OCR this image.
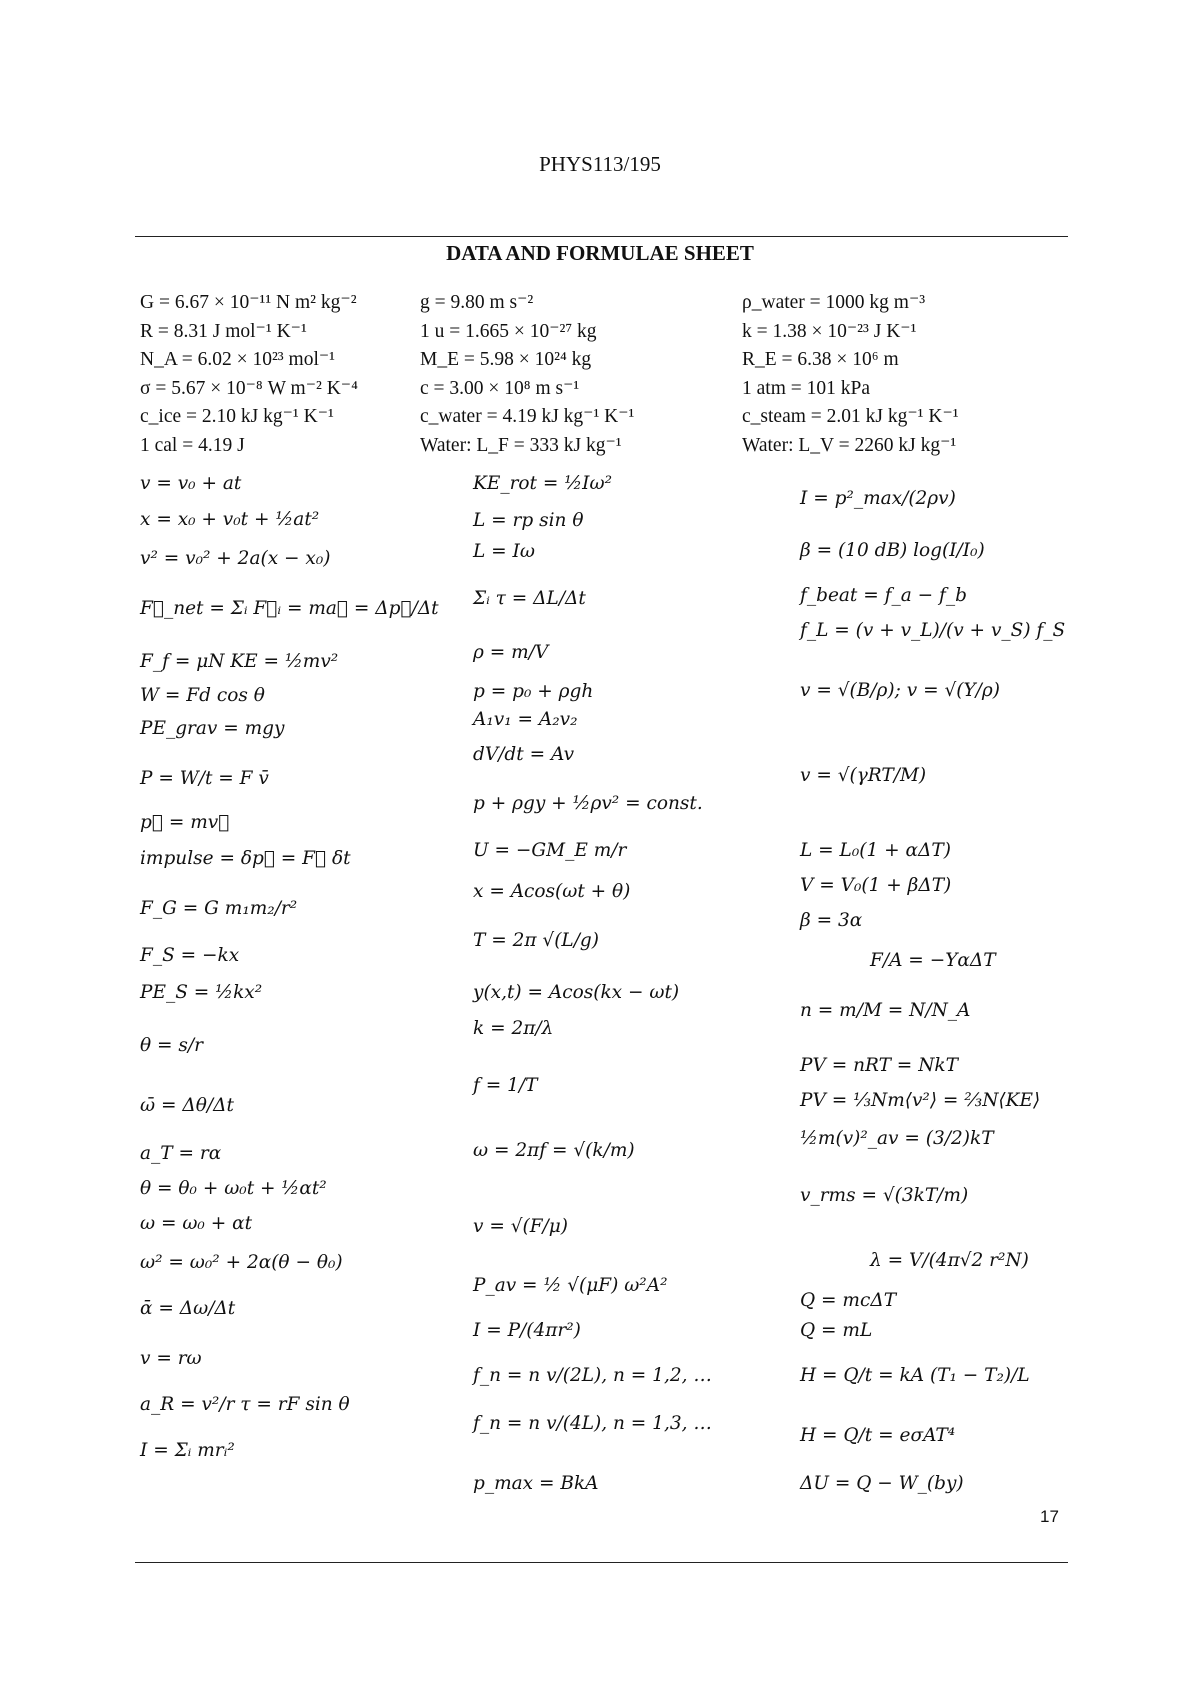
PHYS113/195
DATA AND FORMULAE SHEET
G = 6.67 × 10⁻¹¹ N m² kg⁻²
R = 8.31 J mol⁻¹ K⁻¹
N_A = 6.02 × 10²³ mol⁻¹
σ = 5.67 × 10⁻⁸ W m⁻² K⁻⁴
c_ice = 2.10 kJ kg⁻¹ K⁻¹
1 cal = 4.19 J
g = 9.80 m s⁻²
1 u = 1.665 × 10⁻²⁷ kg
M_E = 5.98 × 10²⁴ kg
c = 3.00 × 10⁸ m s⁻¹
c_water = 4.19 kJ kg⁻¹ K⁻¹
Water: L_F = 333 kJ kg⁻¹
ρ_water = 1000 kg m⁻³
k = 1.38 × 10⁻²³ J K⁻¹
R_E = 6.38 × 10⁶ m
1 atm = 101 kPa
c_steam = 2.01 kJ kg⁻¹ K⁻¹
Water: L_V = 2260 kJ kg⁻¹
v = v₀ + at
x = x₀ + v₀t + ½at²
v² = v₀² + 2a(x − x₀)
F⃗_net = Σᵢ F⃗ᵢ = ma⃗ = Δp⃗/Δt
F_f = μN KE = ½mv²
W = Fd cos θ
PE_grav = mgy
P = W/t = F v̄
p⃗ = mv⃗
impulse = δp⃗ = F⃗ δt
F_G = G m₁m₂/r²
F_S = −kx
PE_S = ½kx²
θ = s/r
ω̄ = Δθ/Δt
a_T = rα
θ = θ₀ + ω₀t + ½αt²
ω = ω₀ + αt
ω² = ω₀² + 2α(θ − θ₀)
ᾱ = Δω/Δt
v = rω
a_R = v²/r τ = rF sin θ
I = Σᵢ mrᵢ²
KE_rot = ½Iω²
L = rp sin θ
L = Iω
Σᵢ τ = ΔL/Δt
ρ = m/V
p = p₀ + ρgh
A₁v₁ = A₂v₂
dV/dt = Av
p + ρgy + ½ρv² = const.
U = −GM_E m/r
x = Acos(ωt + θ)
T = 2π √(L/g)
y(x,t) = Acos(kx − ωt)
k = 2π/λ
f = 1/T
ω = 2πf = √(k/m)
v = √(F/μ)
P_av = ½ √(μF) ω²A²
I = P/(4πr²)
f_n = n v/(2L), n = 1,2, …
f_n = n v/(4L), n = 1,3, …
p_max = BkA
I = p²_max/(2ρv)
β = (10 dB) log(I/I₀)
f_beat = f_a − f_b
f_L = (v + v_L)/(v + v_S) f_S
v = √(B/ρ); v = √(Y/ρ)
v = √(γRT/M)
L = L₀(1 + αΔT)
V = V₀(1 + βΔT)
β = 3α
F/A = −YαΔT
n = m/M = N/N_A
PV = nRT = NkT
PV = ⅓Nm⟨v²⟩ = ⅔N⟨KE⟩
½m(v)²_av = (3/2)kT
v_rms = √(3kT/m)
λ = V/(4π√2 r²N)
Q = mcΔT
Q = mL
H = Q/t = kA (T₁ − T₂)/L
H = Q/t = eσAT⁴
ΔU = Q − W_(by)
17
